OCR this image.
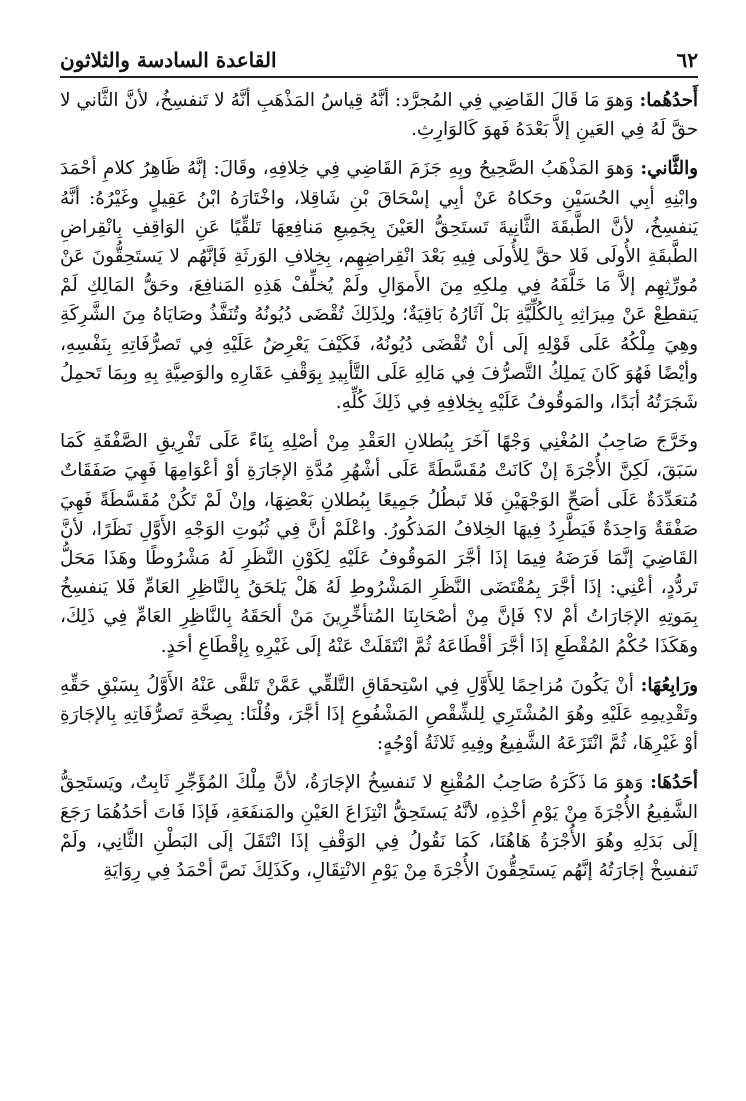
٦٢
القاعدة السادسة والثلاثون

أَحدُهُما: وَهوَ مَا قَالَ القَاضِي فِي المُجرَّد: أنَّهُ قِياسُ المَذْهَبِ أنَّهُ لا تَنفسِخُ، لأنَّ الثَّاني لا حقَّ لَهُ فِي العَينِ إلاَّ بَعْدَهُ فَهوَ كَالوَارِثِ.

والثَّاني: وَهوَ المَذْهَبُ الصَّحِيحُ وبِهِ جَزَمَ القَاضِي فِي خِلافِهِ، وقَالَ: إنَّهُ ظَاهِرُ كلامِ أحْمَدَ وابْنِهِ أبِي الحُسَيْنِ وحَكاهُ عَنْ أبِي إسْحَاقَ بْنِ شَاقِلا، واخْتَارَهُ ابْنُ عَقِيلٍ وغَيْرُهُ: أنَّهُ يَنفسِخُ، لأنَّ الطَّبقَةَ الثَّانِيةَ تَستَحِقُّ العَيْنَ بِجَمِيعِ مَنافِعِهَا تَلقِّيًا عَنِ الوَاقِفِ بِانْقِراضِ الطَّبقَةِ الأُولَى فَلا حقَّ لِلأُولَى فِيهِ بَعْدَ انْقِراضِهِم، بِخِلافِ الوَرثَةِ فَإنَّهُم لا يَستَحِقُّونَ عَنْ مُورِّثِهِم إلاَّ مَا خَلَّفَهُ فِي مِلكِهِ مِنَ الأَموَالِ ولَمْ يُخلِّفْ هَذِهِ المَنافِعَ، وحَقُّ المَالِكِ لَمْ يَنقطِعْ عَنْ مِيرَاثِهِ بِالكُلِّيَّةِ بَلْ آثَارُهُ بَاقِيَةٌ؛ ولِذَلِكَ تُقْضَى دُيُونُهُ وتُنَفَّذُ وصَايَاهُ مِنَ الشَّرِكَةِ وهِيَ مِلْكُهُ عَلَى قَوْلِهِ إلَى أنْ تُقْضَى دُيُونُهُ، فَكَيْفَ يَعْرِضُ عَلَيْهِ فِي تَصرُّفَاتِهِ بِنَفْسِهِ، وأيْضًا فَهُوَ كَانَ يَملِكُ التَّصرُّفَ فِي مَالِهِ عَلَى التَّأبِيدِ بِوَقْفِ عَقَارِهِ والوَصِيَّةِ بِهِ وبِمَا تَحمِلُ شَجَرَتُهُ أبَدًا، والمَوقُوفُ عَلَيْهِ بِخِلافِهِ فِي ذَلِكَ كُلِّهِ.

وخَرَّجَ صَاحِبُ المُغْنِي وَجْهًا آخَرَ بِبُطلانِ العَقْدِ مِنْ أصْلِهِ بِنَاءً عَلَى تَفْرِيقِ الصَّفْقَةِ كَمَا سَبَقَ، لَكِنَّ الأُجْرَةَ إنْ كَانَتْ مُقَسَّطَةً عَلَى أشْهُرِ مُدَّةِ الإجَارَةِ أوْ أعْوَامِهَا فَهِيَ صَفَقَاتٌ مُتعَدِّدَةٌ عَلَى أصَحِّ الوَجْهَيْنِ فَلا تَبطُلُ جَمِيعًا بِبُطلانِ بَعْضِهَا، وإنْ لَمْ تَكُنْ مُقَسَّطَةً فَهِيَ صَفْقَةٌ وَاحِدَةٌ فَيَطَّرِدُ فِيهَا الخِلافُ المَذكُورُ. واعْلَمْ أنَّ فِي ثُبُوتِ الوَجْهِ الأَوَّلِ نَظَرًا، لأنَّ القَاضِيَ إنَّمَا فَرَضَهُ فِيمَا إذَا أجَّرَ المَوقُوفُ عَلَيْهِ لِكَوْنِ النَّظَرِ لَهُ مَشْرُوطًا وهَذَا مَحَلُّ تَردُّدٍ، أعْنِي: إذَا أجَّرَ بِمُقْتَضَى النَّظَرِ المَشْرُوطِ لَهُ هَلْ يَلحَقُ بِالنَّاظِرِ العَامِّ فَلا يَنفسِخُ بِمَوتِهِ الإجَارَاتُ أمْ لا؟ فَإنَّ مِنْ أصْحَابِنَا المُتأخِّرِينَ مَنْ ألحَقَهُ بِالنَّاظِرِ العَامِّ فِي ذَلِكَ، وهَكَذَا حُكْمُ المُقْطَعِ إذَا أجَّرَ أقْطَاعَهُ ثُمَّ انْتَقَلَتْ عَنْهُ إلَى غَيْرِهِ بِإقْطَاعِ أحَدٍ.

ورَابِعُهَا: أنْ يَكُونَ مُزاحِمًا لِلأَوَّلِ فِي اسْتِحقَاقِ التَّلقِّي عَمَّنْ تَلقَّى عَنْهُ الأَوَّلُ بِسَبْقِ حَقِّهِ وتَقْدِيمِهِ عَلَيْهِ وهُوَ المُشْتَرِي لِلشِّقْصِ المَشْفُوعِ إذَا أجَّرَ، وقُلْنَا: بِصِحَّةِ تَصرُّفَاتِهِ بِالإجَارَةِ أوْ غَيْرِهَا، ثُمَّ انْتَزَعَهُ الشَّفِيعُ وفِيهِ ثَلاثَةُ أوْجُهٍ:

أحَدُهَا: وَهوَ مَا ذَكَرَهُ صَاحِبُ المُقْنِعِ لا تَنفسِخُ الإجَارَةُ، لأنَّ مِلْكَ المُؤَجِّرِ ثَابِتٌ، ويَستَحِقُّ الشَّفِيعُ الأُجْرَةَ مِنْ يَوْمِ أخْذِهِ، لأنَّهُ يَستَحِقُّ انْتِزَاعَ العَيْنِ والمَنفَعَةِ، فَإذَا فَاتَ أحَدُهُمَا رَجَعَ إلَى بَدَلِهِ وهُوَ الأُجْرَةُ هَاهُنَا، كَمَا نَقُولُ فِي الوَقْفِ إذَا انْتَقَلَ إلَى البَطْنِ الثَّانِي، ولَمْ تَنفسِخْ إجَارَتُهُ إنَّهُم يَستَحِقُّونَ الأُجْرَةَ مِنْ يَوْمِ الانْتِقَالِ، وكَذَلِكَ نَصَّ أحْمَدُ فِي رِوَايَةِ
